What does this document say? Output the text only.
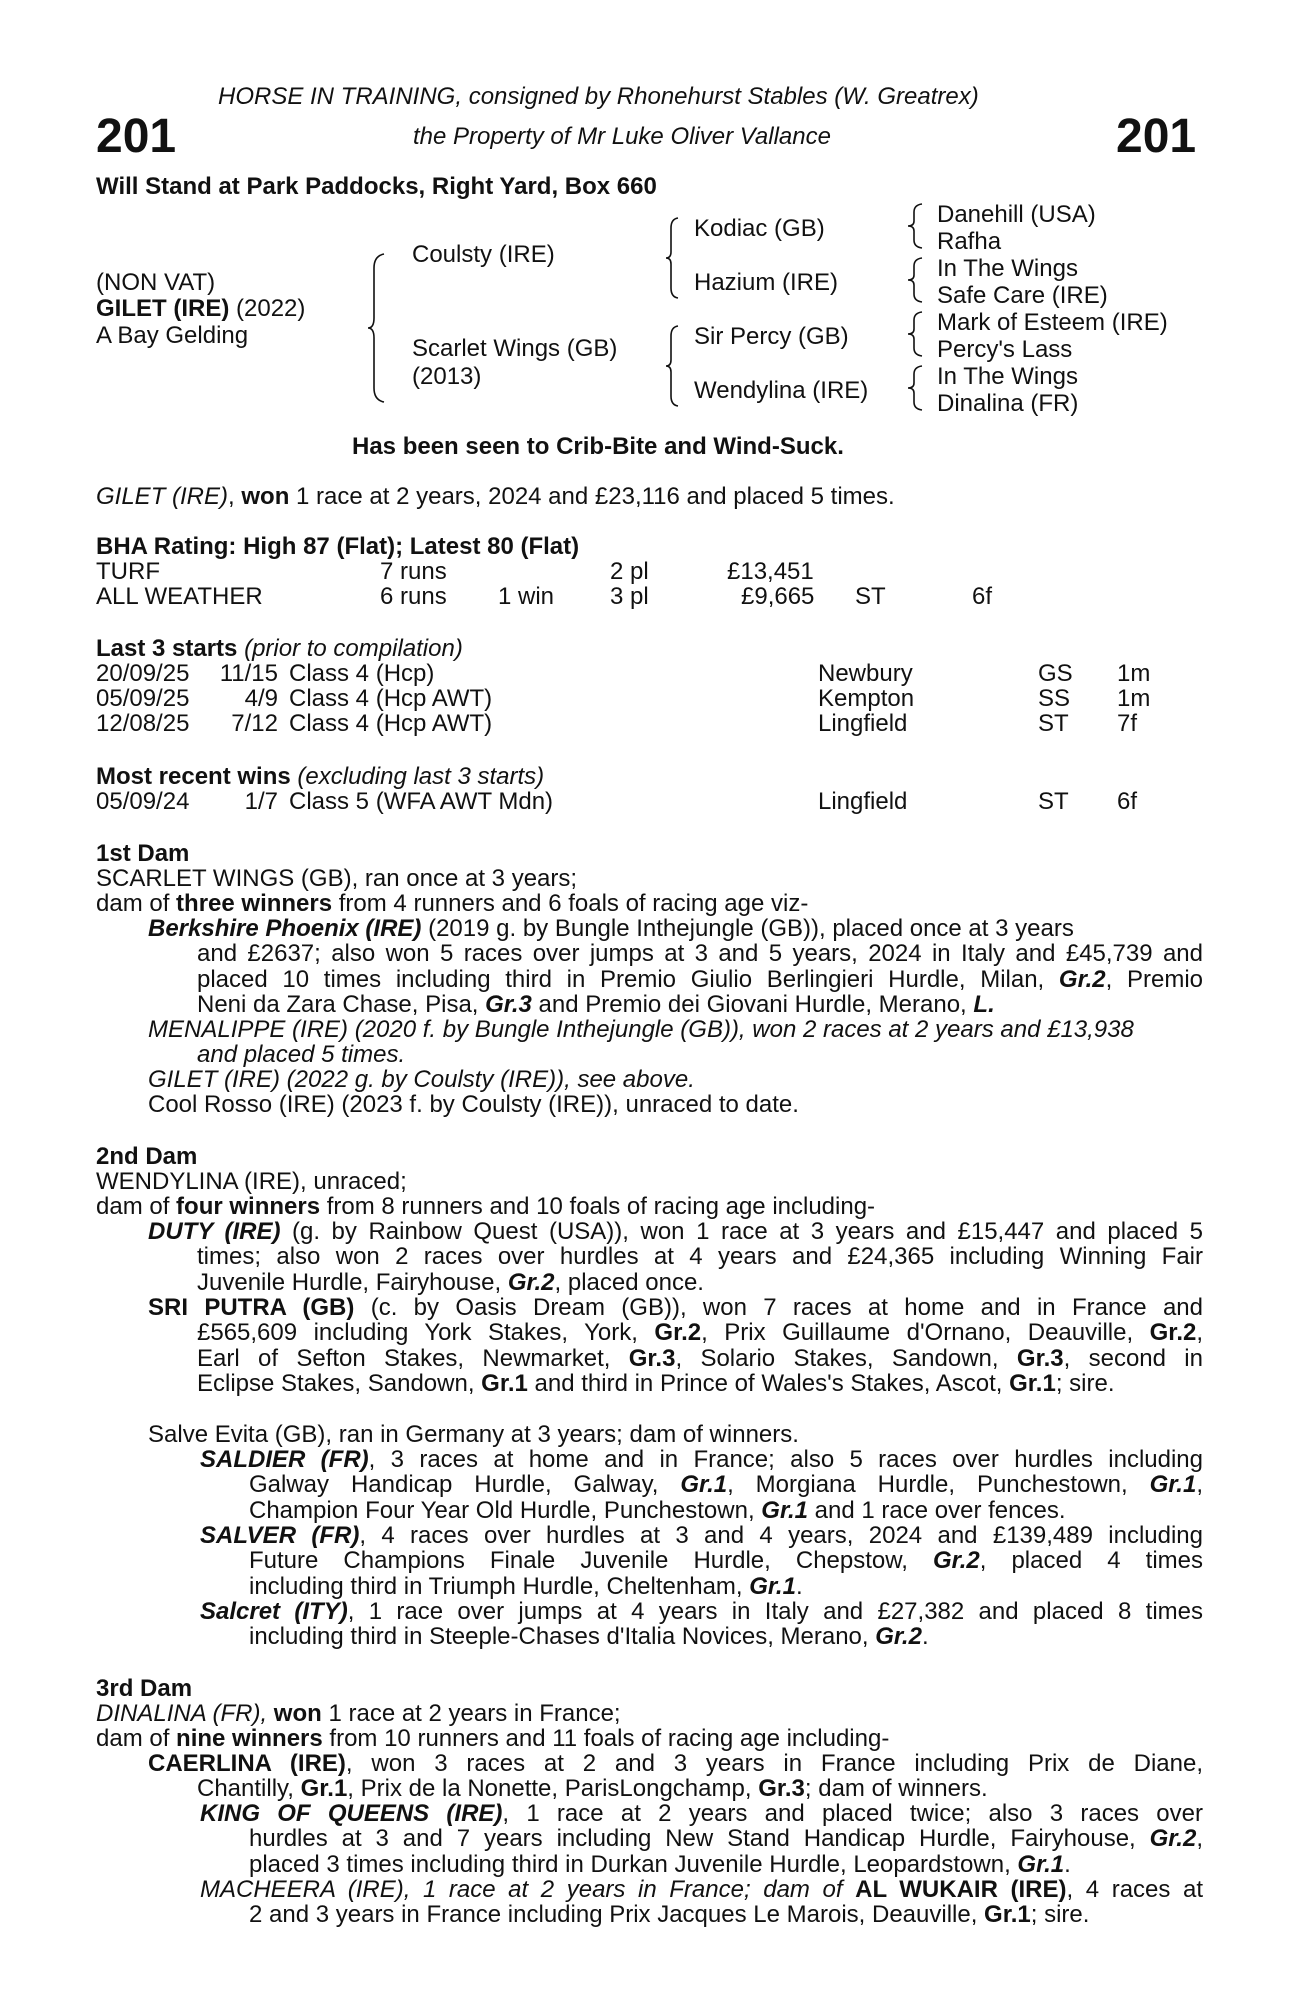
HORSE IN TRAINING, consigned by Rhonehurst Stables (W. Greatrex)
201	the Property of Mr Luke Oliver Vallance	201
Will Stand at Park Paddocks, Right Yard, Box 660
(NON VAT)
GILET (IRE) (2022)
A Bay Gelding
Coulsty (IRE)
Scarlet Wings (GB)
(2013)
Kodiac (GB)
Hazium (IRE)
Sir Percy (GB)
Wendylina (IRE)
Danehill (USA)
Rafha
In The Wings
Safe Care (IRE)
Mark of Esteem (IRE)
Percy's Lass
In The Wings
Dinalina (FR)
Has been seen to Crib-Bite and Wind-Suck.
GILET (IRE), won 1 race at 2 years, 2024 and £23,116 and placed 5 times.
BHA Rating: High 87 (Flat); Latest 80 (Flat)
TURF	7 runs	2 pl	£13,451
ALL WEATHER	6 runs 1 win 3 pl	£9,665 ST	6f
Last 3 starts (prior to compilation)
20/09/25	11/15 Class 4 (Hcp)	Newbury	GS 1m
05/09/25	4/9 Class 4 (Hcp AWT)	Kempton	SS 1m
12/08/25	7/12 Class 4 (Hcp AWT)	Lingfield	ST 7f
Most recent wins (excluding last 3 starts)
05/09/24	1/7 Class 5 (WFA AWT Mdn)	Lingfield	ST 6f
1st Dam
SCARLET WINGS (GB), ran once at 3 years;
dam of three winners from 4 runners and 6 foals of racing age viz-
Berkshire Phoenix (IRE) (2019 g. by Bungle Inthejungle (GB)), placed once at 3 years
and £2637; also won 5 races over jumps at 3 and 5 years, 2024 in Italy and £45,739 and
placed 10 times including third in Premio Giulio Berlingieri Hurdle, Milan, Gr.2, Premio
Neni da Zara Chase, Pisa, Gr.3 and Premio dei Giovani Hurdle, Merano, L.
MENALIPPE (IRE) (2020 f. by Bungle Inthejungle (GB)), won 2 races at 2 years and £13,938
and placed 5 times.
GILET (IRE) (2022 g. by Coulsty (IRE)), see above.
Cool Rosso (IRE) (2023 f. by Coulsty (IRE)), unraced to date.
2nd Dam
WENDYLINA (IRE), unraced;
dam of four winners from 8 runners and 10 foals of racing age including-
DUTY (IRE) (g. by Rainbow Quest (USA)), won 1 race at 3 years and £15,447 and placed 5
times; also won 2 races over hurdles at 4 years and £24,365 including Winning Fair
Juvenile Hurdle, Fairyhouse, Gr.2, placed once.
SRI PUTRA (GB) (c. by Oasis Dream (GB)), won 7 races at home and in France and
£565,609 including York Stakes, York, Gr.2, Prix Guillaume d'Ornano, Deauville, Gr.2,
Earl of Sefton Stakes, Newmarket, Gr.3, Solario Stakes, Sandown, Gr.3, second in
Eclipse Stakes, Sandown, Gr.1 and third in Prince of Wales's Stakes, Ascot, Gr.1; sire.
Salve Evita (GB), ran in Germany at 3 years; dam of winners.
SALDIER (FR), 3 races at home and in France; also 5 races over hurdles including
Galway Handicap Hurdle, Galway, Gr.1, Morgiana Hurdle, Punchestown, Gr.1,
Champion Four Year Old Hurdle, Punchestown, Gr.1 and 1 race over fences.
SALVER (FR), 4 races over hurdles at 3 and 4 years, 2024 and £139,489 including
Future Champions Finale Juvenile Hurdle, Chepstow, Gr.2, placed 4 times
including third in Triumph Hurdle, Cheltenham, Gr.1.
Salcret (ITY), 1 race over jumps at 4 years in Italy and £27,382 and placed 8 times
including third in Steeple-Chases d'Italia Novices, Merano, Gr.2.
3rd Dam
DINALINA (FR), won 1 race at 2 years in France;
dam of nine winners from 10 runners and 11 foals of racing age including-
CAERLINA (IRE), won 3 races at 2 and 3 years in France including Prix de Diane,
Chantilly, Gr.1, Prix de la Nonette, ParisLongchamp, Gr.3; dam of winners.
KING OF QUEENS (IRE), 1 race at 2 years and placed twice; also 3 races over
hurdles at 3 and 7 years including New Stand Handicap Hurdle, Fairyhouse, Gr.2,
placed 3 times including third in Durkan Juvenile Hurdle, Leopardstown, Gr.1.
MACHEERA (IRE), 1 race at 2 years in France; dam of AL WUKAIR (IRE), 4 races at
2 and 3 years in France including Prix Jacques Le Marois, Deauville, Gr.1; sire.
